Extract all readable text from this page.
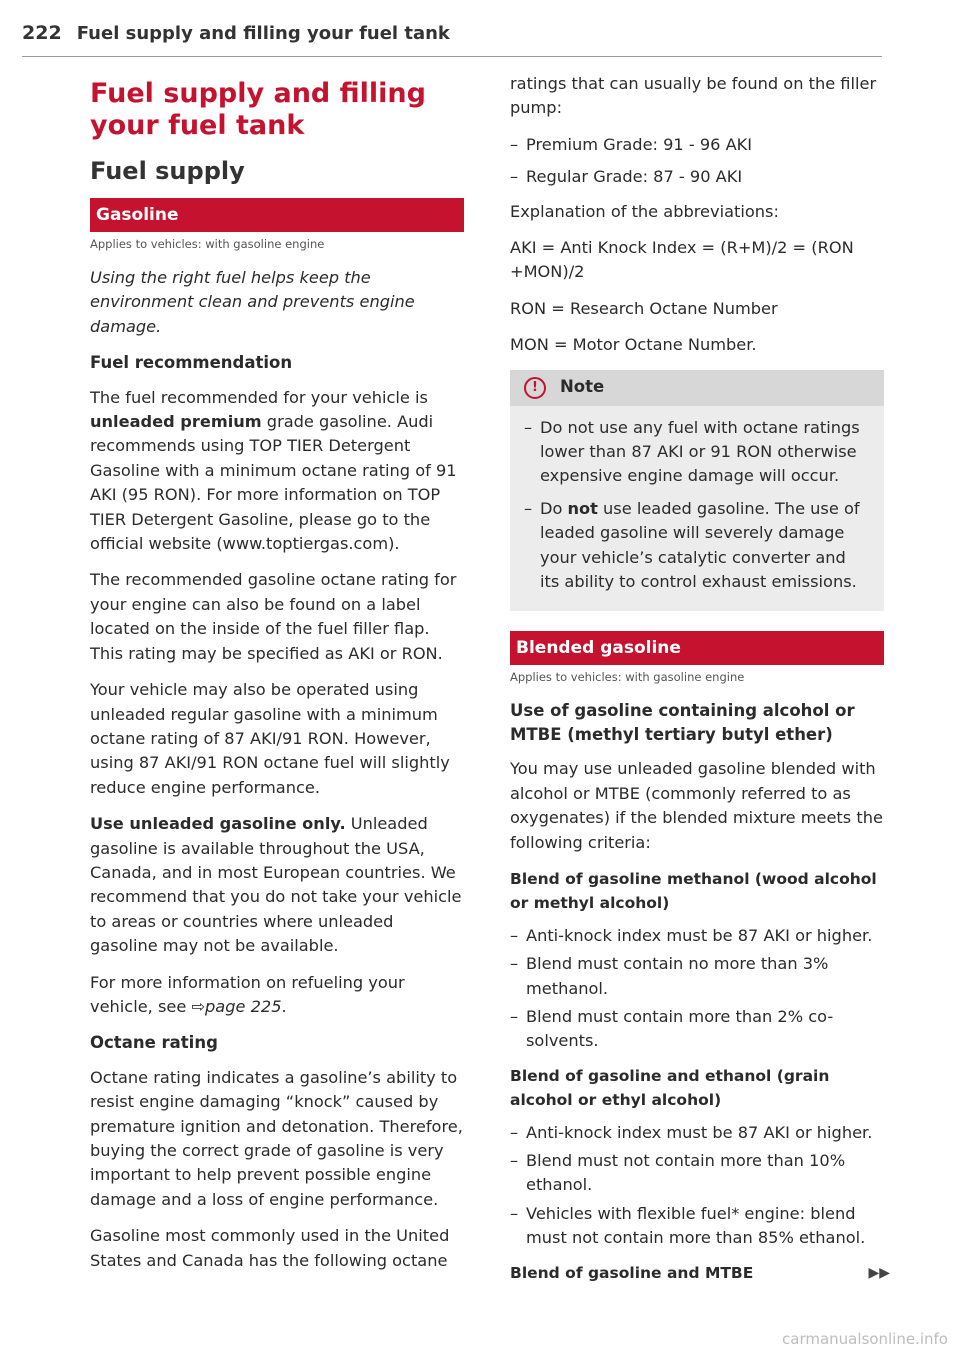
222 Fuel supply and filling your fuel tank
Fuel supply and filling your fuel tank
Fuel supply
Gasoline
Applies to vehicles: with gasoline engine

Using the right fuel helps keep the environment clean and prevents engine damage.

Fuel recommendation

The fuel recommended for your vehicle is unleaded premium grade gasoline. Audi recommends using TOP TIER Detergent Gasoline with a minimum octane rating of 91 AKI (95 RON). For more information on TOP TIER Detergent Gasoline, please go to the official website (www.toptiergas.com).

The recommended gasoline octane rating for your engine can also be found on a label located on the inside of the fuel filler flap. This rating may be specified as AKI or RON.

Your vehicle may also be operated using unleaded regular gasoline with a minimum octane rating of 87 AKI/91 RON. However, using 87 AKI/91 RON octane fuel will slightly reduce engine performance.

Use unleaded gasoline only. Unleaded gasoline is available throughout the USA, Canada, and in most European countries. We recommend that you do not take your vehicle to areas or countries where unleaded gasoline may not be available.

For more information on refueling your vehicle, see ⇨page 225.

Octane rating

Octane rating indicates a gasoline’s ability to resist engine damaging “knock” caused by premature ignition and detonation. Therefore, buying the correct grade of gasoline is very important to help prevent possible engine damage and a loss of engine performance.

Gasoline most commonly used in the United States and Canada has the following octane

ratings that can usually be found on the filler pump:

– Premium Grade: 91 - 96 AKI
– Regular Grade: 87 - 90 AKI

Explanation of the abbreviations:

AKI = Anti Knock Index = (R+M)/2 = (RON +MON)/2

RON = Research Octane Number

MON = Motor Octane Number.

!	Note
– Do not use any fuel with octane ratings lower than 87 AKI or 91 RON otherwise expensive engine damage will occur.
– Do not use leaded gasoline. The use of leaded gasoline will severely damage your vehicle’s catalytic converter and its ability to control exhaust emissions.
Blended gasoline
Applies to vehicles: with gasoline engine
Use of gasoline containing alcohol or MTBE (methyl tertiary butyl ether)

You may use unleaded gasoline blended with alcohol or MTBE (commonly referred to as oxygenates) if the blended mixture meets the following criteria:

Blend of gasoline methanol (wood alcohol or methyl alcohol)
– Anti-knock index must be 87 AKI or higher.
– Blend must contain no more than 3% methanol.
– Blend must contain more than 2% co-solvents.
Blend of gasoline and ethanol (grain alcohol or ethyl alcohol)
– Anti-knock index must be 87 AKI or higher.
– Blend must not contain more than 10% ethanol.
– Vehicles with flexible fuel* engine: blend must not contain more than 85% ethanol.
Blend of gasoline and MTBE	▶▶
carmanualsonline.info
